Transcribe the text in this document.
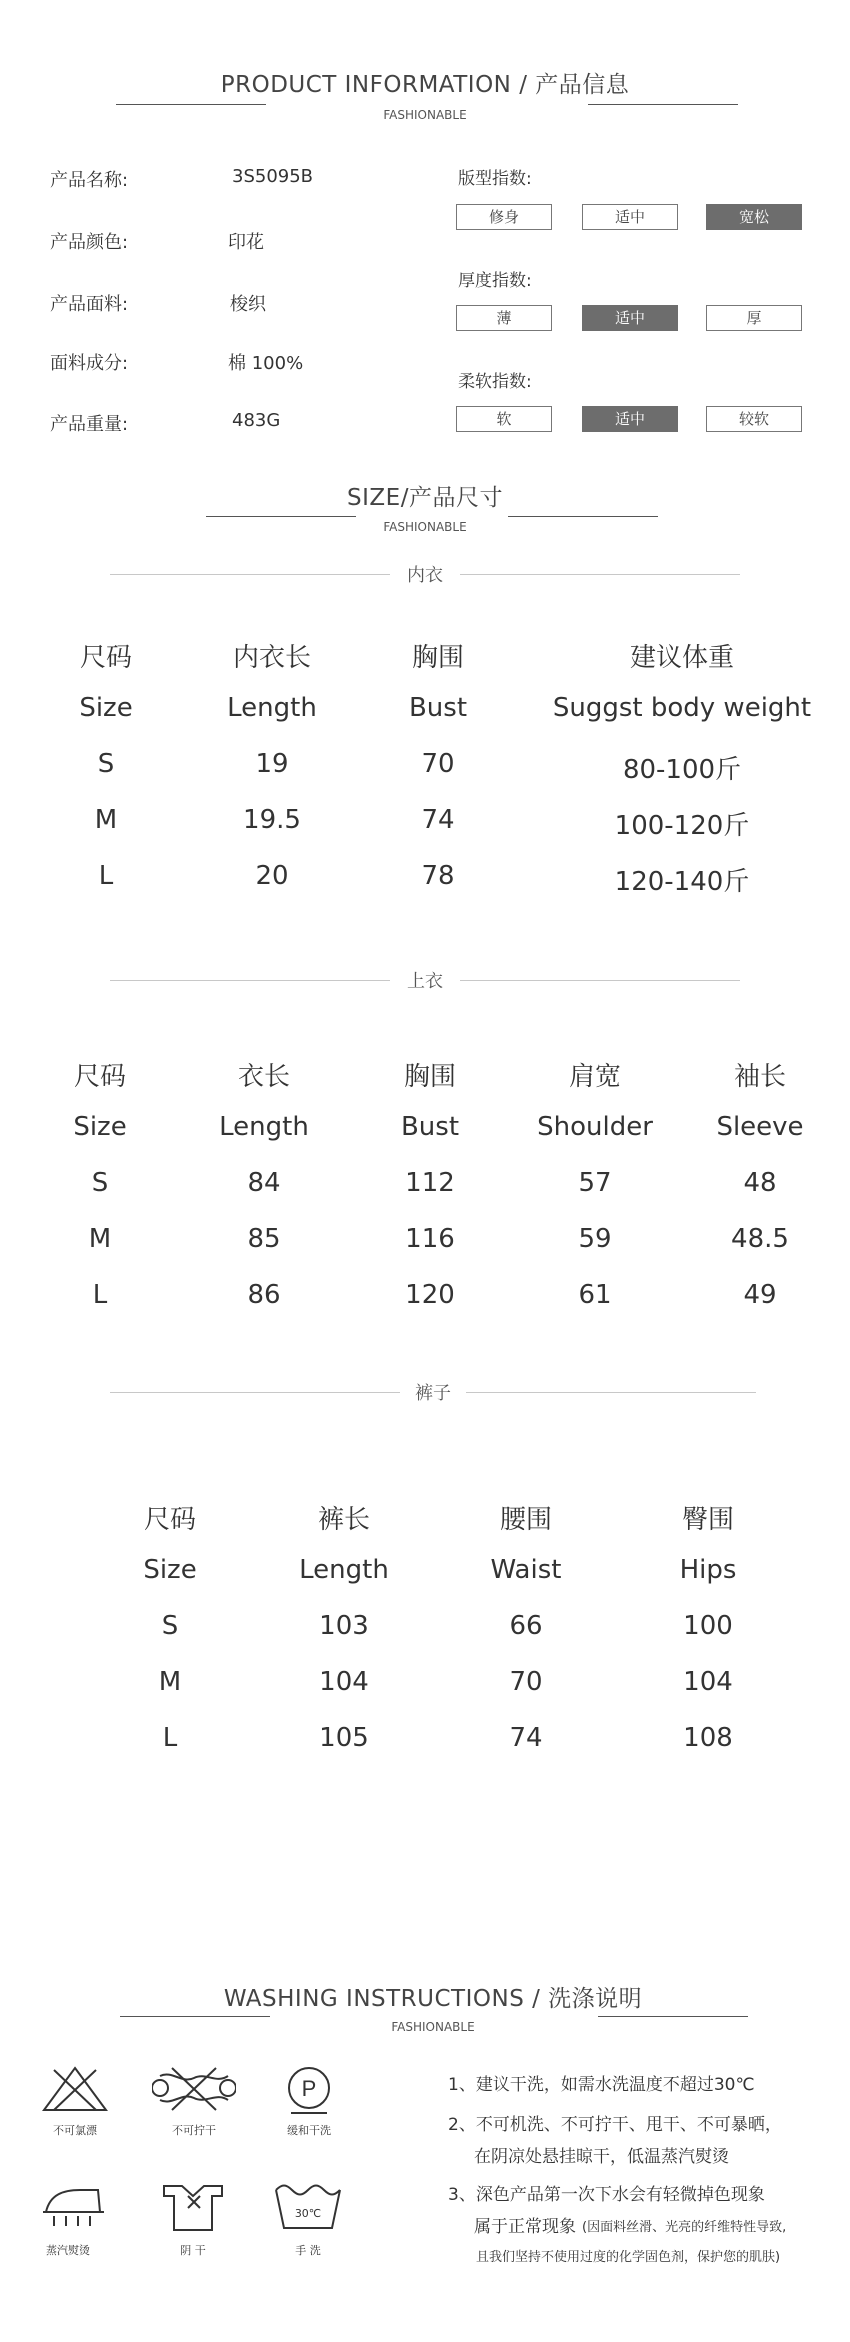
PRODUCT INFORMATION / 产品信息
FASHIONABLE
产品名称:	3S5095B
产品颜色:	印花
产品面料:	梭织
面料成分:	棉 100%
产品重量:	483G
版型指数:
修身	适中	宽松
厚度指数:
薄	适中	厚
柔软指数:
软	适中	较软
SIZE/产品尺寸
FASHIONABLE
内衣
尺码	内衣长	胸围	建议体重
Size	Length	Bust	Suggst body weight
S	19	70	80-100斤
M	19.5	74	100-120斤
L	20	78	120-140斤
上衣
尺码	衣长	胸围	肩宽	袖长
Size	Length	Bust	Shoulder	Sleeve
S	84	112	57	48
M	85	116	59	48.5
L	86	120	61	49
裤子
尺码	裤长	腰围	臀围
Size	Length	Waist	Hips
S	103	66	100
M	104	70	104
L	105	74	108
WASHING INSTRUCTIONS / 洗涤说明
FASHIONABLE
不可氯漂	不可拧干
P
缓和干洗
蒸汽熨烫	阴 干
30℃
手 洗
1、建议干洗，如需水洗温度不超过30℃
2、不可机洗、不可拧干、甩干、不可暴晒，
在阴凉处悬挂晾干，低温蒸汽熨烫
3、深色产品第一次下水会有轻微掉色现象
属于正常现象 (因面料丝滑、光亮的纤维特性导致,
且我们坚持不使用过度的化学固色剂，保护您的肌肤)
